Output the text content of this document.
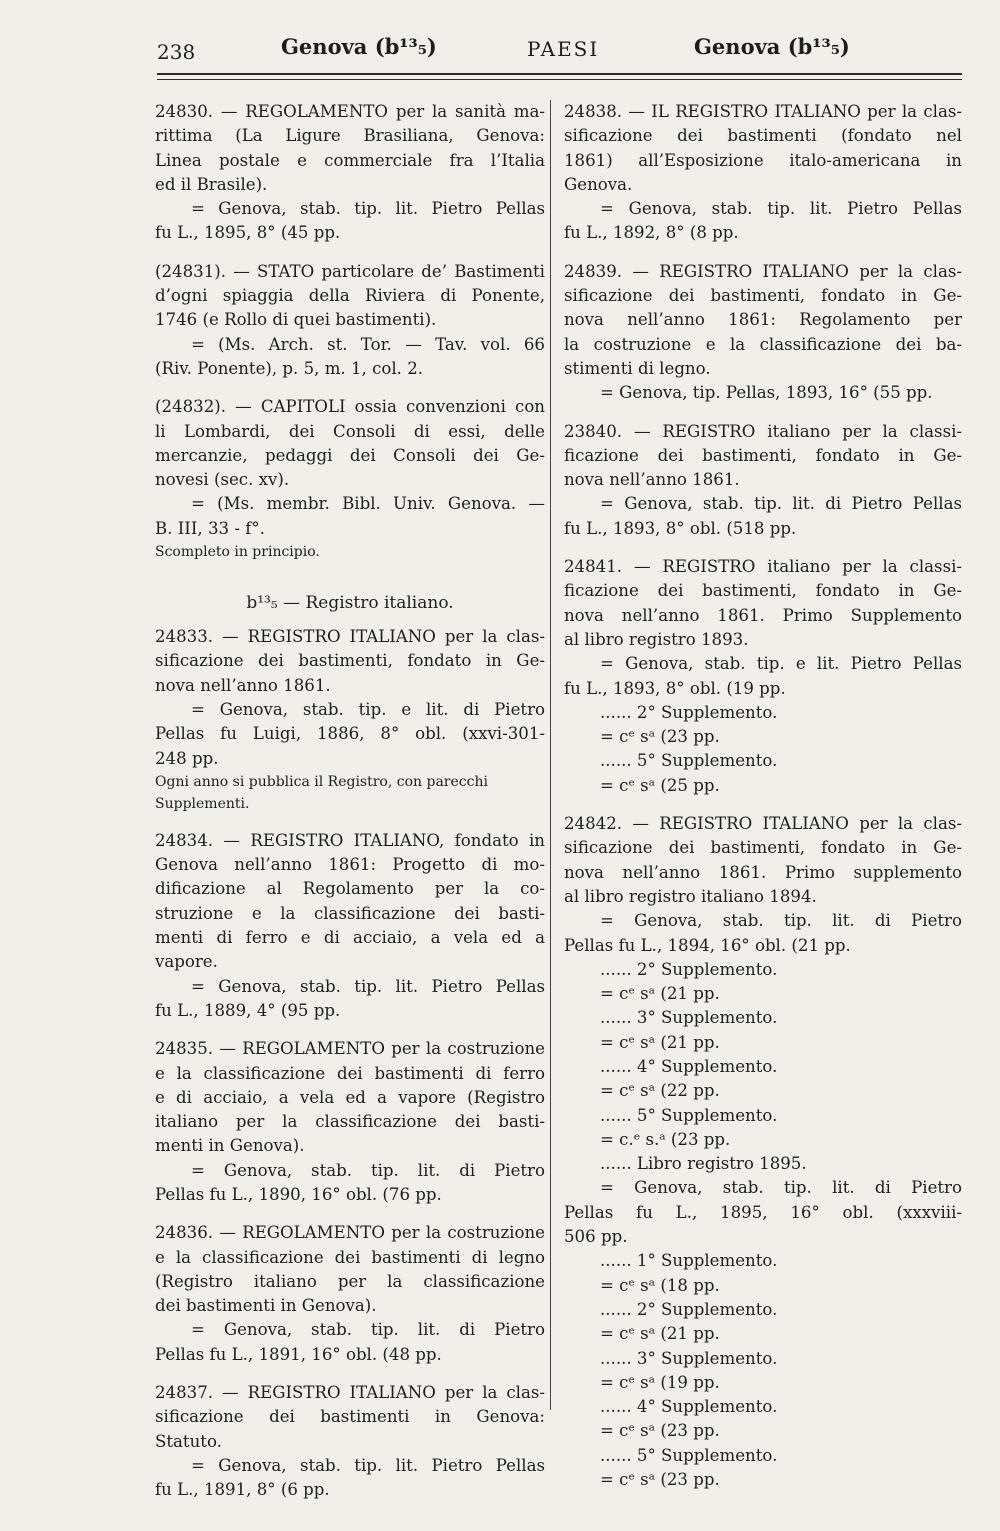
238	Genova (b¹³₅)	PAESI	Genova (b¹³₅)
24830. — REGOLAMENTO per la sanità ma-
rittima (La Ligure Brasiliana, Genova:
Linea postale e commerciale fra l’Italia
ed il Brasile).
= Genova, stab. tip. lit. Pietro Pellas
fu L., 1895, 8° (45 pp.
(24831). — STATO particolare de’ Bastimenti
d’ogni spiaggia della Riviera di Ponente,
1746 (e Rollo di quei bastimenti).
= (Ms. Arch. st. Tor. — Tav. vol. 66
(Riv. Ponente), p. 5, m. 1, col. 2.
(24832). — CAPITOLI ossia convenzioni con
li Lombardi, dei Consoli di essi, delle
mercanzie, pedaggi dei Consoli dei Ge-
novesi (sec. xv).
= (Ms. membr. Bibl. Univ. Genova. —
B. III, 33 - f°.
Scompleto in principio.
b¹³₅ — Registro italiano.
24833. — REGISTRO ITALIANO per la clas-
sificazione dei bastimenti, fondato in Ge-
nova nell’anno 1861.
= Genova, stab. tip. e lit. di Pietro
Pellas fu Luigi, 1886, 8° obl. (xxvi-301-
248 pp.
Ogni anno si pubblica il Registro, con parecchi
Supplementi.
24834. — REGISTRO ITALIANO, fondato in
Genova nell’anno 1861: Progetto di mo-
dificazione al Regolamento per la co-
struzione e la classificazione dei basti-
menti di ferro e di acciaio, a vela ed a
vapore.
= Genova, stab. tip. lit. Pietro Pellas
fu L., 1889, 4° (95 pp.
24835. — REGOLAMENTO per la costruzione
e la classificazione dei bastimenti di ferro
e di acciaio, a vela ed a vapore (Registro
italiano per la classificazione dei basti-
menti in Genova).
= Genova, stab. tip. lit. di Pietro
Pellas fu L., 1890, 16° obl. (76 pp.
24836. — REGOLAMENTO per la costruzione
e la classificazione dei bastimenti di legno
(Registro italiano per la classificazione
dei bastimenti in Genova).
= Genova, stab. tip. lit. di Pietro
Pellas fu L., 1891, 16° obl. (48 pp.
24837. — REGISTRO ITALIANO per la clas-
sificazione dei bastimenti in Genova:
Statuto.
= Genova, stab. tip. lit. Pietro Pellas
fu L., 1891, 8° (6 pp.
24838. — IL REGISTRO ITALIANO per la clas-
sificazione dei bastimenti (fondato nel
1861) all’Esposizione italo-americana in
Genova.
= Genova, stab. tip. lit. Pietro Pellas
fu L., 1892, 8° (8 pp.
24839. — REGISTRO ITALIANO per la clas-
sificazione dei bastimenti, fondato in Ge-
nova nell’anno 1861: Regolamento per
la costruzione e la classificazione dei ba-
stimenti di legno.
= Genova, tip. Pellas, 1893, 16° (55 pp.
23840. — REGISTRO italiano per la classi-
ficazione dei bastimenti, fondato in Ge-
nova nell’anno 1861.
= Genova, stab. tip. lit. di Pietro Pellas
fu L., 1893, 8° obl. (518 pp.
24841. — REGISTRO italiano per la classi-
ficazione dei bastimenti, fondato in Ge-
nova nell’anno 1861. Primo Supplemento
al libro registro 1893.
= Genova, stab. tip. e lit. Pietro Pellas
fu L., 1893, 8° obl. (19 pp.
...... 2° Supplemento.
= cᵉ sᵃ (23 pp.
...... 5° Supplemento.
= cᵉ sᵃ (25 pp.
24842. — REGISTRO ITALIANO per la clas-
sificazione dei bastimenti, fondato in Ge-
nova nell’anno 1861. Primo supplemento
al libro registro italiano 1894.
= Genova, stab. tip. lit. di Pietro
Pellas fu L., 1894, 16° obl. (21 pp.
...... 2° Supplemento.
= cᵉ sᵃ (21 pp.
...... 3° Supplemento.
= cᵉ sᵃ (21 pp.
...... 4° Supplemento.
= cᵉ sᵃ (22 pp.
...... 5° Supplemento.
= c.ᵉ s.ᵃ (23 pp.
...... Libro registro 1895.
= Genova, stab. tip. lit. di Pietro
Pellas fu L., 1895, 16° obl. (xxxviii-
506 pp.
...... 1° Supplemento.
= cᵉ sᵃ (18 pp.
...... 2° Supplemento.
= cᵉ sᵃ (21 pp.
...... 3° Supplemento.
= cᵉ sᵃ (19 pp.
...... 4° Supplemento.
= cᵉ sᵃ (23 pp.
...... 5° Supplemento.
= cᵉ sᵃ (23 pp.
